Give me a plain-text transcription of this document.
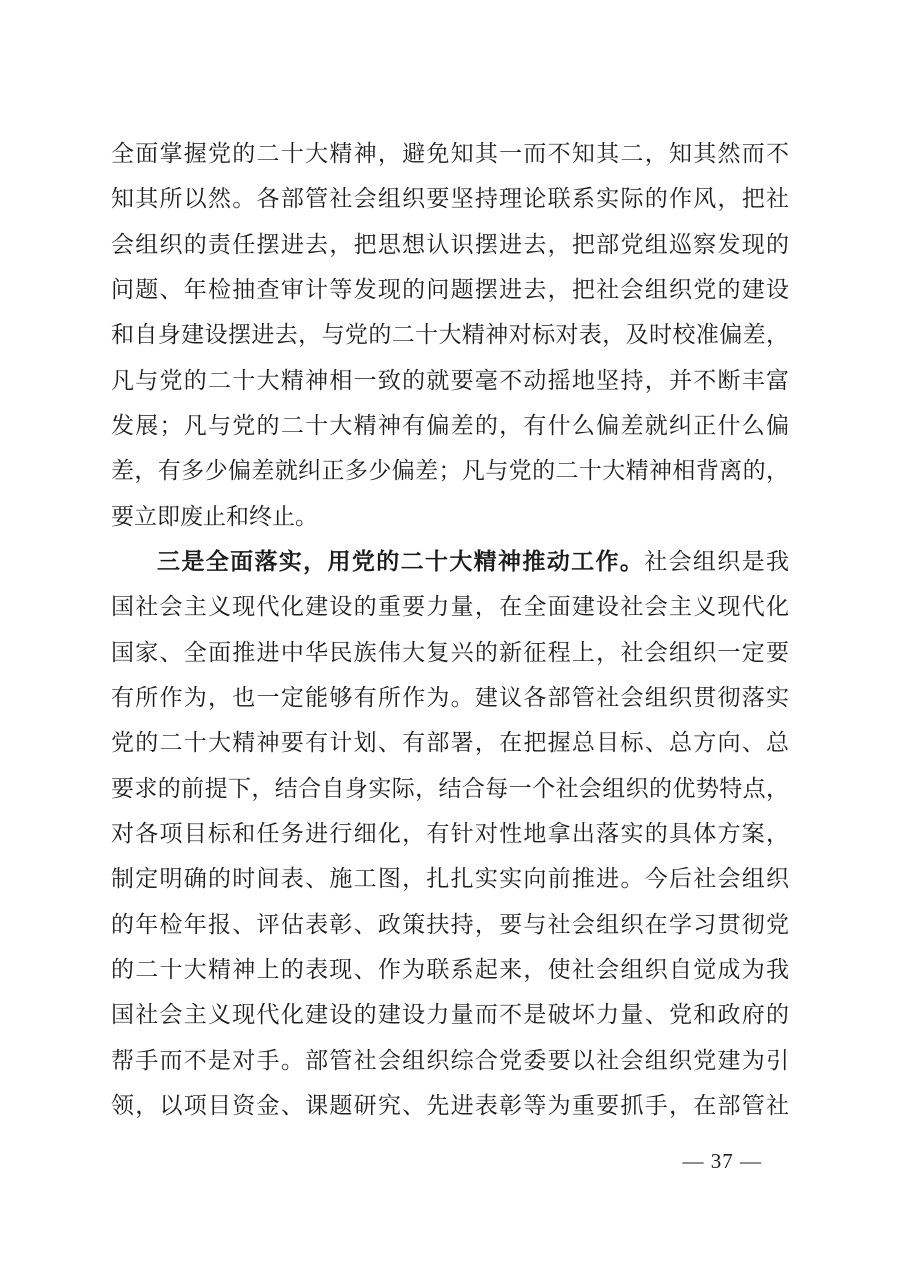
全面掌握党的二十大精神，避免知其一而不知其二，知其然而不
知其所以然。各部管社会组织要坚持理论联系实际的作风，把社
会组织的责任摆进去，把思想认识摆进去，把部党组巡察发现的
问题、年检抽查审计等发现的问题摆进去，把社会组织党的建设
和自身建设摆进去，与党的二十大精神对标对表，及时校准偏差，
凡与党的二十大精神相一致的就要毫不动摇地坚持，并不断丰富
发展；凡与党的二十大精神有偏差的，有什么偏差就纠正什么偏
差，有多少偏差就纠正多少偏差；凡与党的二十大精神相背离的，
要立即废止和终止。
三是全面落实，用党的二十大精神推动工作。社会组织是我
国社会主义现代化建设的重要力量，在全面建设社会主义现代化
国家、全面推进中华民族伟大复兴的新征程上，社会组织一定要
有所作为，也一定能够有所作为。建议各部管社会组织贯彻落实
党的二十大精神要有计划、有部署，在把握总目标、总方向、总
要求的前提下，结合自身实际，结合每一个社会组织的优势特点，
对各项目标和任务进行细化，有针对性地拿出落实的具体方案，
制定明确的时间表、施工图，扎扎实实向前推进。今后社会组织
的年检年报、评估表彰、政策扶持，要与社会组织在学习贯彻党
的二十大精神上的表现、作为联系起来，使社会组织自觉成为我
国社会主义现代化建设的建设力量而不是破坏力量、党和政府的
帮手而不是对手。部管社会组织综合党委要以社会组织党建为引
领，以项目资金、课题研究、先进表彰等为重要抓手，在部管社
— 37 —
